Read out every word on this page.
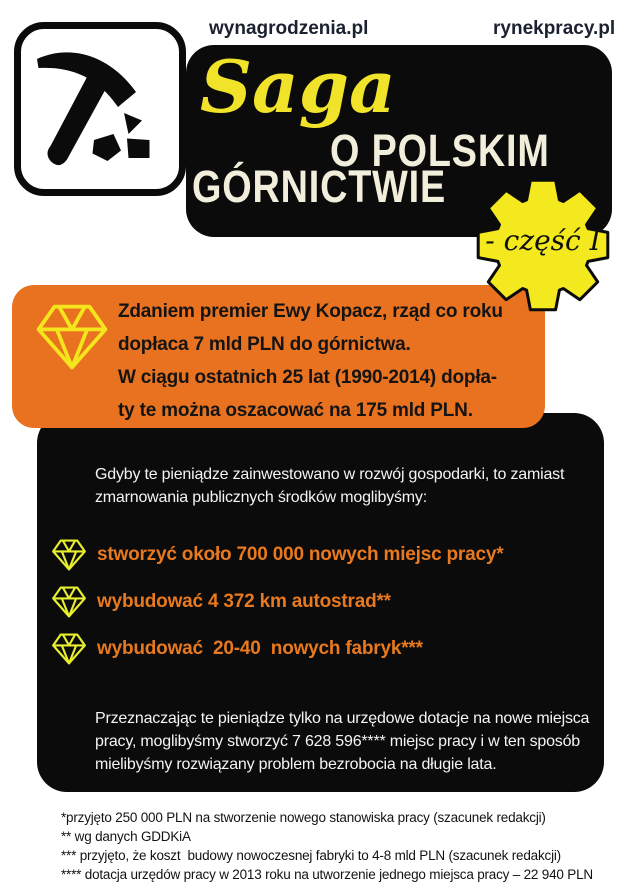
wynagrodzenia.pl	rynekpracy.pl
Saga
O POLSKIM
GÓRNICTWIE
- część I
Zdaniem premier Ewy Kopacz, rząd co roku
dopłaca 7 mld PLN do górnictwa.
W ciągu ostatnich 25 lat (1990-2014) dopła-
ty te można oszacować na 175 mld PLN.
Gdyby te pieniądze zainwestowano w rozwój gospodarki, to zamiast
zmarnowania publicznych środków moglibyśmy:
stworzyć około 700 000 nowych miejsc pracy*
wybudować 4 372 km autostrad**
wybudować  20-40  nowych fabryk***
Przeznaczając te pieniądze tylko na urzędowe dotacje na nowe miejsca
pracy, moglibyśmy stworzyć 7 628 596**** miejsc pracy i w ten sposób
mielibyśmy rozwiązany problem bezrobocia na długie lata.
*przyjęto 250 000 PLN na stworzenie nowego stanowiska pracy (szacunek redakcji)
** wg danych GDDKiA
*** przyjęto, że koszt  budowy nowoczesnej fabryki to 4-8 mld PLN (szacunek redakcji)
**** dotacja urzędów pracy w 2013 roku na utworzenie jednego miejsca pracy – 22 940 PLN
